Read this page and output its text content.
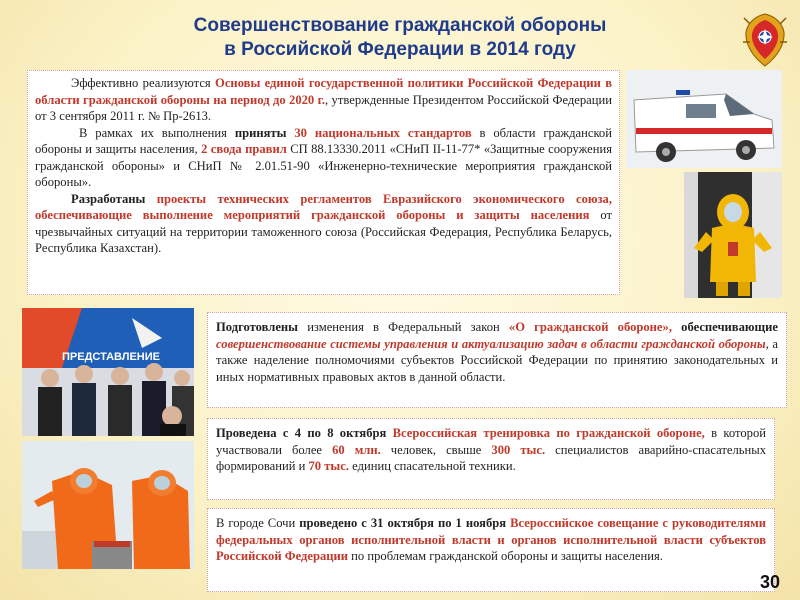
Совершенствование гражданской обороны
в Российской Федерации в 2014 году

Эффективно реализуются Основы единой государственной политики Российской Федерации в области гражданской обороны на период до 2020 г., утвержденные Президентом Российской Федерации от 3 сентября 2011 г. № Пр-2613.

В рамках их выполнения приняты 30 национальных стандартов в области гражданской обороны и защиты населения, 2 свода правил СП 88.13330.2011 «СНиП II-11-77* «Защитные сооружения гражданской обороны» и СНиП № 2.01.51-90 «Инженерно-технические мероприятия гражданской обороны».

Разработаны проекты технических регламентов Евразийского экономического союза, обеспечивающие выполнение мероприятий гражданской обороны и защиты населения от чрезвычайных ситуаций на территории таможенного союза (Российская Федерация, Республика Беларусь, Республика Казахстан).

ПРЕДСТАВЛЕНИЕ

Подготовлены изменения в Федеральный закон «О гражданской обороне», обеспечивающие совершенствование системы управления и актуализацию задач в области гражданской обороны, а также наделение полномочиями субъектов Российской Федерации по принятию законодательных и иных нормативных правовых актов в данной области.

Проведена с 4 по 8 октября Всероссийская тренировка по гражданской обороне, в которой участвовали более 60 млн. человек, свыше 300 тыс. специалистов аварийно-спасательных формирований и 70 тыс. единиц спасательной техники.

В городе Сочи проведено с 31 октября по 1 ноября Всероссийское совещание с руководителями федеральных органов исполнительной власти и органов исполнительной власти субъектов Российской Федерации по проблемам гражданской обороны и защиты населения.

30
